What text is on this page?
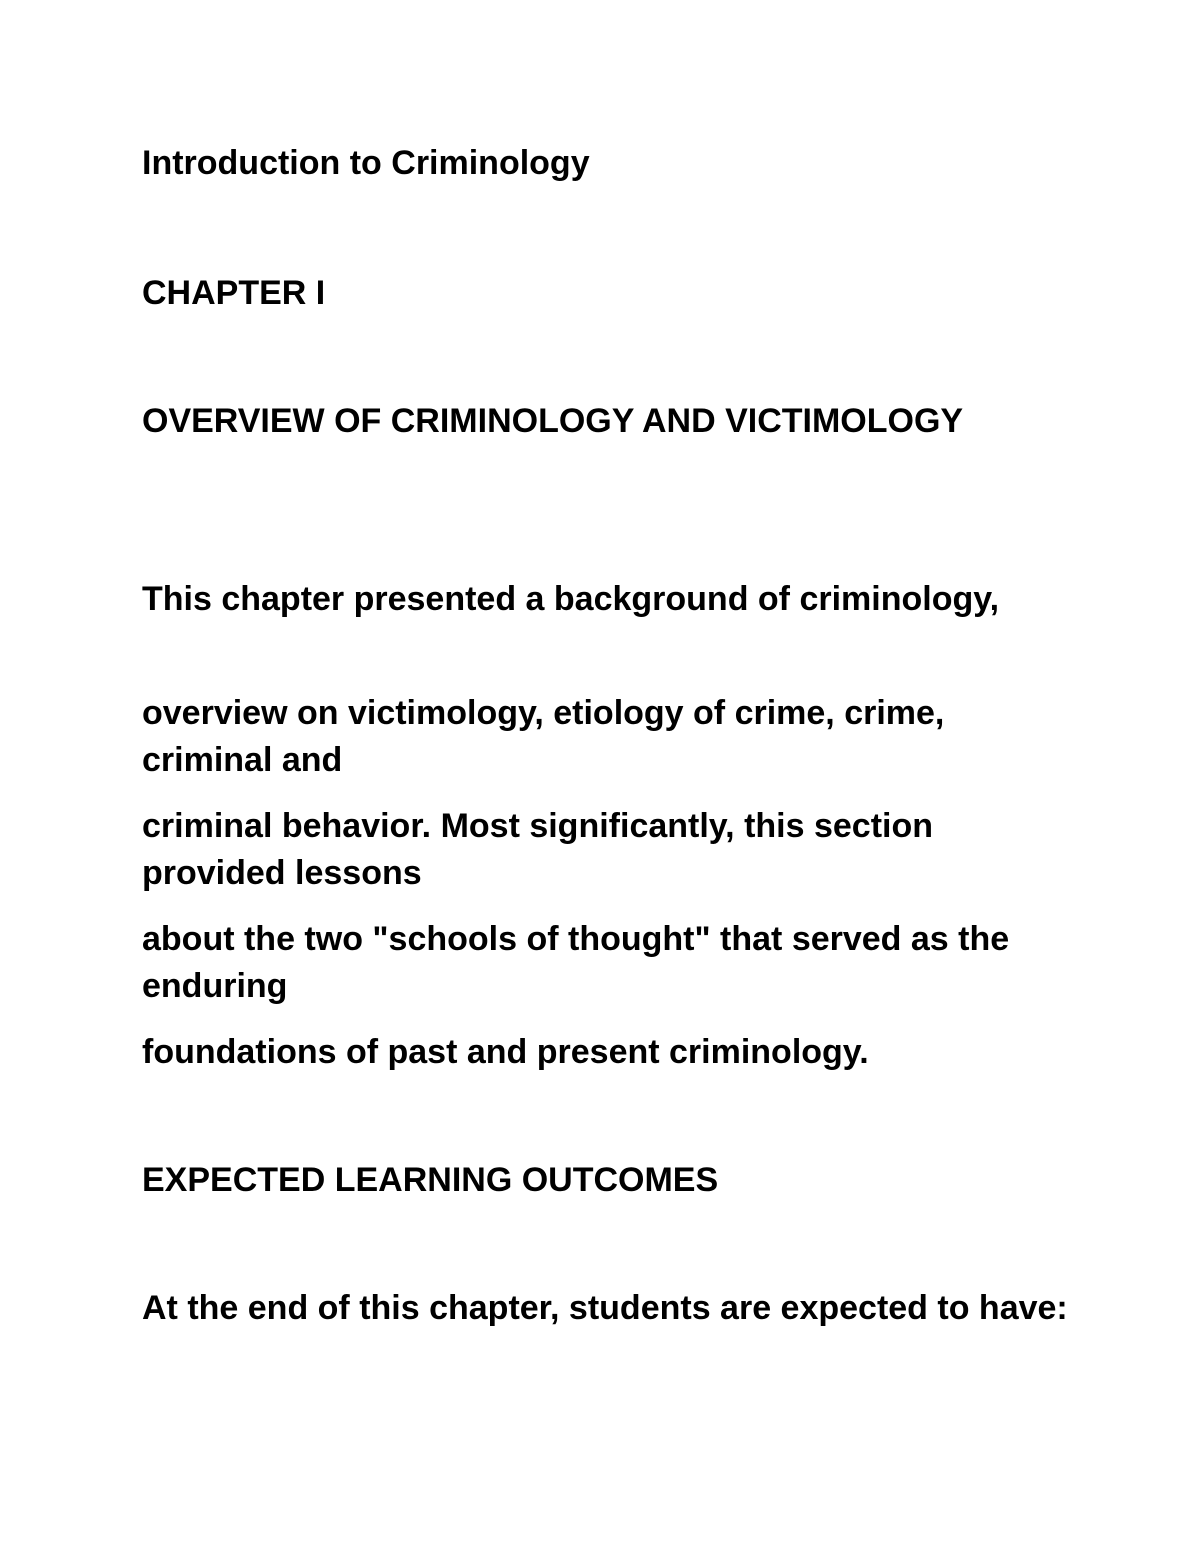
Introduction to Criminology

CHAPTER I

OVERVIEW OF CRIMINOLOGY AND VICTIMOLOGY

This chapter presented a background of criminology,

overview on victimology, etiology of crime, crime, criminal and

criminal behavior. Most significantly, this section provided lessons

about the two "schools of thought" that served as the enduring

foundations of past and present criminology.

EXPECTED LEARNING OUTCOMES

At the end of this chapter, students are expected to have:
